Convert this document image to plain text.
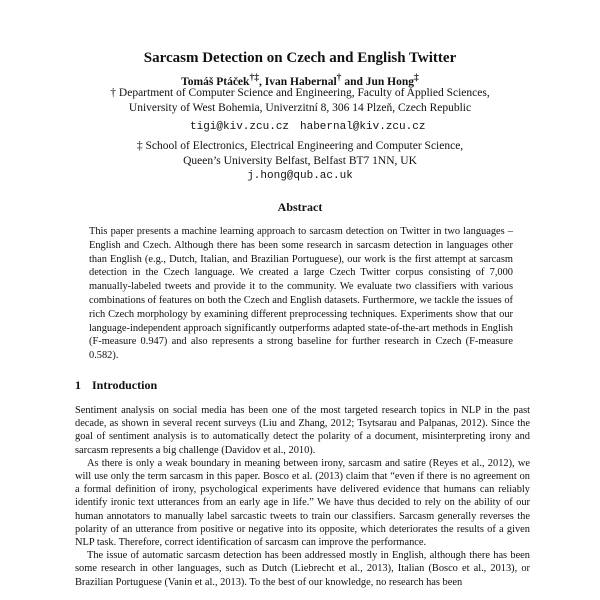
Sarcasm Detection on Czech and English Twitter
Tomáš Ptáček†‡, Ivan Habernal† and Jun Hong‡
† Department of Computer Science and Engineering, Faculty of Applied Sciences,
University of West Bohemia, Univerzitní 8, 306 14 Plzeň, Czech Republic
tigi@kiv.zcu.cz habernal@kiv.zcu.cz
‡ School of Electronics, Electrical Engineering and Computer Science,
Queen’s University Belfast, Belfast BT7 1NN, UK
j.hong@qub.ac.uk
Abstract

This paper presents a machine learning approach to sarcasm detection on Twitter in two languages – English and Czech. Although there has been some research in sarcasm detection in languages other than English (e.g., Dutch, Italian, and Brazilian Portuguese), our work is the first attempt at sarcasm detection in the Czech language. We created a large Czech Twitter corpus consisting of 7,000 manually-labeled tweets and provide it to the community. We evaluate two classifiers with various combinations of features on both the Czech and English datasets. Furthermore, we tackle the issues of rich Czech morphology by examining different preprocessing techniques. Experiments show that our language-independent approach significantly outperforms adapted state-of-the-art methods in English (F-measure 0.947) and also represents a strong baseline for further research in Czech (F-measure 0.582).

1 Introduction

Sentiment analysis on social media has been one of the most targeted research topics in NLP in the past decade, as shown in several recent surveys (Liu and Zhang, 2012; Tsytsarau and Palpanas, 2012). Since the goal of sentiment analysis is to automatically detect the polarity of a document, misinterpreting irony and sarcasm represents a big challenge (Davidov et al., 2010).

As there is only a weak boundary in meaning between irony, sarcasm and satire (Reyes et al., 2012), we will use only the term sarcasm in this paper. Bosco et al. (2013) claim that “even if there is no agreement on a formal definition of irony, psychological experiments have delivered evidence that humans can reliably identify ironic text utterances from an early age in life.” We have thus decided to rely on the ability of our human annotators to manually label sarcastic tweets to train our classifiers. Sarcasm generally reverses the polarity of an utterance from positive or negative into its opposite, which deteriorates the results of a given NLP task. Therefore, correct identification of sarcasm can improve the performance.

The issue of automatic sarcasm detection has been addressed mostly in English, although there has been some research in other languages, such as Dutch (Liebrecht et al., 2013), Italian (Bosco et al., 2013), or Brazilian Portuguese (Vanin et al., 2013). To the best of our knowledge, no research has been
